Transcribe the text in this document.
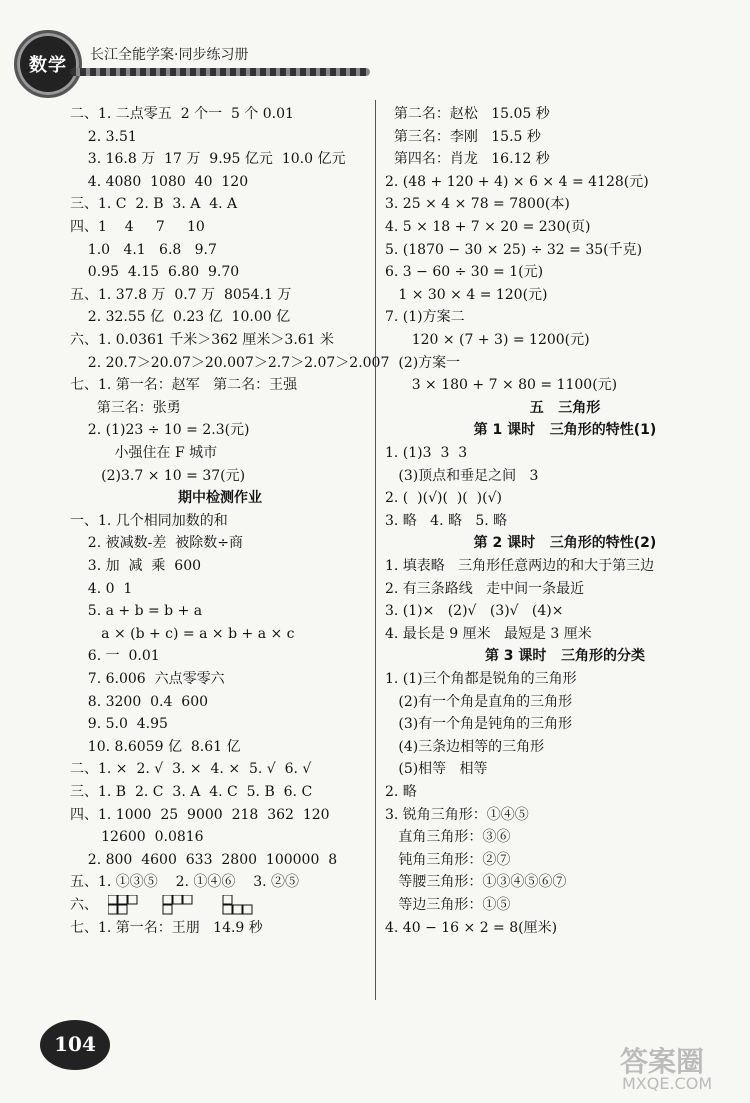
数学	长江全能学案·同步练习册
二、1. 二点零五  2 个一  5 个 0.01
2. 3.51
3. 16.8 万  17 万  9.95 亿元  10.0 亿元
4. 4080  1080  40  120
三、1. C  2. B  3. A  4. A
四、1    4     7     10
1.0   4.1   6.8   9.7
0.95  4.15  6.80  9.70
五、1. 37.8 万  0.7 万  8054.1 万
2. 32.55 亿  0.23 亿  10.00 亿
六、1. 0.0361 千米＞362 厘米＞3.61 米
2. 20.7＞20.07＞20.007＞2.7＞2.07＞2.007
七、1. 第一名：赵军   第二名：王强
第三名：张勇
2. (1)23 ÷ 10 = 2.3(元)
小强住在 F 城市
(2)3.7 × 10 = 37(元)
期中检测作业
一、1. 几个相同加数的和
2. 被减数-差  被除数÷商
3. 加  减  乘  600
4. 0  1
5. a + b = b + a
a × (b + c) = a × b + a × c
6. 一  0.01
7. 6.006  六点零零六
8. 3200  0.4  600
9. 5.0  4.95
10. 8.6059 亿  8.61 亿
二、1. ×  2. √  3. ×  4. ×  5. √  6. √
三、1. B  2. C  3. A  4. C  5. B  6. C
四、1. 1000  25  9000  218  362  120
12600  0.0816
2. 800  4600  633  2800  100000  8
五、1. ①③⑤    2. ①④⑥    3. ②⑤
六、
七、1. 第一名：王朋   14.9 秒
第二名：赵松   15.05 秒
第三名：李刚   15.5 秒
第四名：肖龙   16.12 秒
2. (48 + 120 + 4) × 6 × 4 = 4128(元)
3. 25 × 4 × 78 = 7800(本)
4. 5 × 18 + 7 × 20 = 230(页)
5. (1870 − 30 × 25) ÷ 32 = 35(千克)
6. 3 − 60 ÷ 30 = 1(元)
1 × 30 × 4 = 120(元)
7. (1)方案二
120 × (7 + 3) = 1200(元)
(2)方案一
3 × 180 + 7 × 80 = 1100(元)
五   三角形
第 1 课时   三角形的特性(1)
1. (1)3  3  3
(3)顶点和垂足之间   3
2. (  )(√)(  )(  )(√)
3. 略   4. 略   5. 略
第 2 课时   三角形的特性(2)
1. 填表略   三角形任意两边的和大于第三边
2. 有三条路线   走中间一条最近
3. (1)×   (2)√   (3)√   (4)×
4. 最长是 9 厘米   最短是 3 厘米
第 3 课时   三角形的分类
1. (1)三个角都是锐角的三角形
(2)有一个角是直角的三角形
(3)有一个角是钝角的三角形
(4)三条边相等的三角形
(5)相等   相等
2. 略
3. 锐角三角形：①④⑤
直角三角形：③⑥
钝角三角形：②⑦
等腰三角形：①③④⑤⑥⑦
等边三角形：①⑤
4. 40 − 16 × 2 = 8(厘米)
104
答案圈
MXQE.COM
